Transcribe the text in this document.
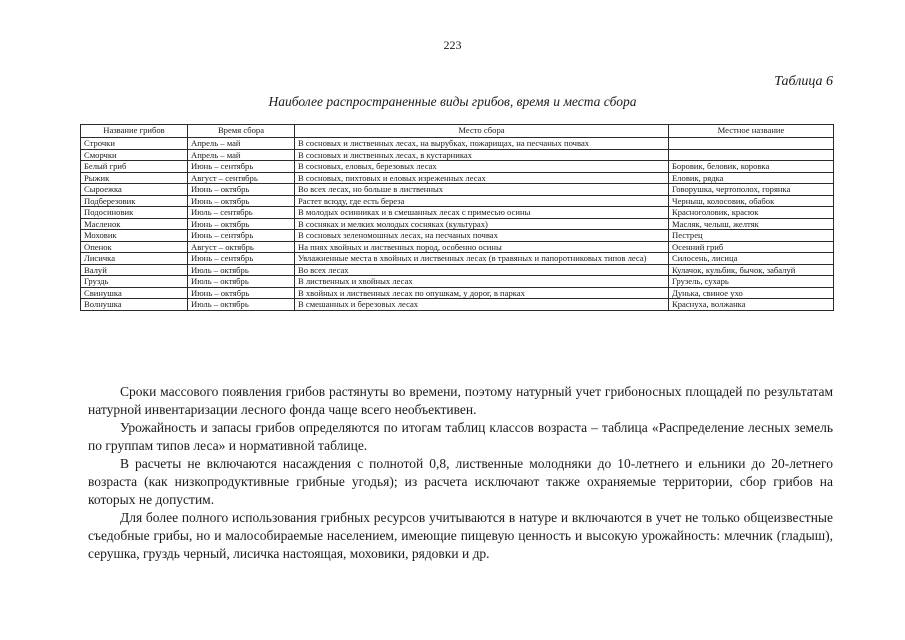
223
Таблица 6
Наиболее распространенные виды грибов, время и места сбора
Название грибов	Время сбора	Место сбора	Местное название
Строчки	Апрель – май	В сосновых и лиственных лесах, на вырубках, пожарищах, на песчаных почвах	
Сморчки	Апрель – май	В сосновых и лиственных лесах, в кустарниках	
Белый гриб	Июнь – сентябрь	В сосновых, еловых, березовых лесах	Боровик, беловик, коровка
Рыжик	Август – сентябрь	В сосновых, пихтовых и еловых изреженных лесах	Еловик, рядка
Сыроежка	Июнь – октябрь	Во всех лесах, но больше в лиственных	Говорушка, чертополох, горянка
Подберезовик	Июнь – октябрь	Растет всюду, где есть береза	Черныш, колосовик, обабок
Подосиновик	Июль – сентябрь	В молодых осинниках и в смешанных лесах с примесью осины	Красноголовик, красюк
Масленок	Июнь – октябрь	В сосняках и мелких молодых сосняках (культурах)	Масляк, челыш, желтяк
Моховик	Июнь – сентябрь	В сосновых зеленомошных лесах, на песчаных почвах	Пестрец
Опенок	Август – октябрь	На пнях хвойных и лиственных пород, особенно осины	Осенний гриб
Лисичка	Июнь – сентябрь	Увлажненные места в хвойных и лиственных лесах (в травяных и папоротниковых типов леса)	Силосень, лисица
Валуй	Июль – октябрь	Во всех лесах	Кулачок, кульбик, бычок, забалуй
Груздь	Июль – октябрь	В лиственных и хвойных лесах	Грузель, сухарь
Свинушка	Июнь – октябрь	В хвойных и лиственных лесах по опушкам, у дорог, в парках	Дунька, свиное ухо
Волнушка	Июль – октябрь	В смешанных и березовых лесах	Краснуха, волжанка

Сроки массового появления грибов растянуты во времени, поэтому натурный учет грибоносных площадей по результатам натурной инвентаризации лесного фонда чаще всего необъективен.

Урожайность и запасы грибов определяются по итогам таблиц классов возраста – таблица «Распределение лесных земель по группам типов леса» и нормативной таблице.

В расчеты не включаются насаждения с полнотой 0,8, лиственные молодняки до 10-летнего и ельники до 20-летнего возраста (как низкопродуктивные грибные угодья); из расчета исключают также охраняемые территории, сбор грибов на которых не допустим.

Для более полного использования грибных ресурсов учитываются в натуре и включаются в учет не только общеизвестные съедобные грибы, но и малособираемые населением, имеющие пищевую ценность и высокую урожайность: млечник (гладыш), серушка, груздь черный, лисичка настоящая, моховики, рядовки и др.
